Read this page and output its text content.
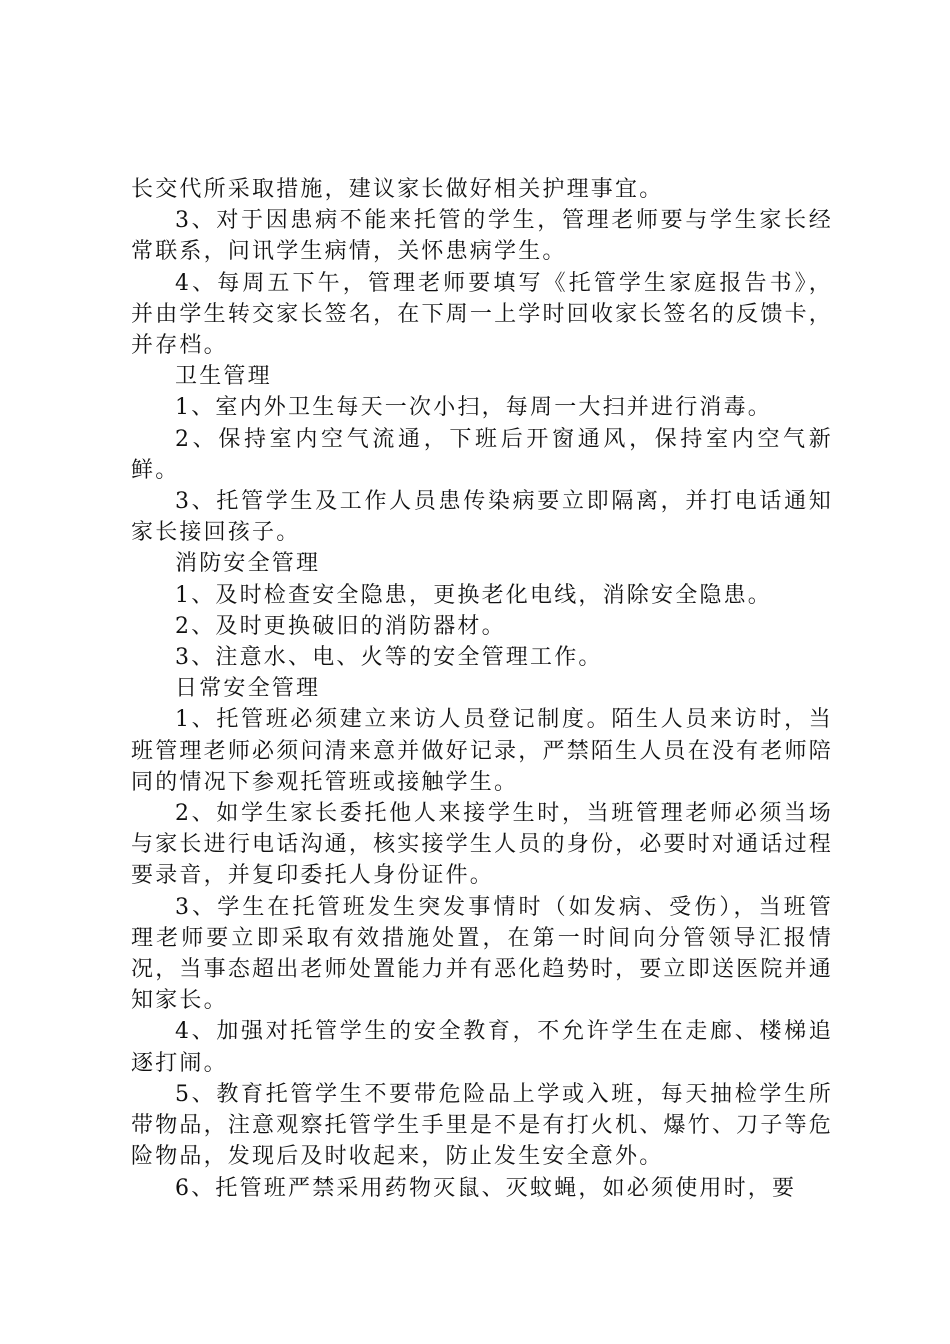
长交代所采取措施，建议家长做好相关护理事宜。

3、对于因患病不能来托管的学生，管理老师要与学生家长经常联系，问讯学生病情，关怀患病学生。

4、每周五下午，管理老师要填写《托管学生家庭报告书》，并由学生转交家长签名，在下周一上学时回收家长签名的反馈卡，并存档。

卫生管理

1、室内外卫生每天一次小扫，每周一大扫并进行消毒。

2、保持室内空气流通，下班后开窗通风，保持室内空气新鲜。

3、托管学生及工作人员患传染病要立即隔离，并打电话通知家长接回孩子。

消防安全管理

1、及时检查安全隐患，更换老化电线，消除安全隐患。

2、及时更换破旧的消防器材。

3、注意水、电、火等的安全管理工作。

日常安全管理

1、托管班必须建立来访人员登记制度。陌生人员来访时，当班管理老师必须问清来意并做好记录，严禁陌生人员在没有老师陪同的情况下参观托管班或接触学生。

2、如学生家长委托他人来接学生时，当班管理老师必须当场与家长进行电话沟通，核实接学生人员的身份，必要时对通话过程要录音，并复印委托人身份证件。

3、学生在托管班发生突发事情时（如发病、受伤），当班管理老师要立即采取有效措施处置，在第一时间向分管领导汇报情况，当事态超出老师处置能力并有恶化趋势时，要立即送医院并通知家长。

4、加强对托管学生的安全教育，不允许学生在走廊、楼梯追逐打闹。

5、教育托管学生不要带危险品上学或入班，每天抽检学生所带物品，注意观察托管学生手里是不是有打火机、爆竹、刀子等危险物品，发现后及时收起来，防止发生安全意外。

6、托管班严禁采用药物灭鼠、灭蚊蝇，如必须使用时，要
